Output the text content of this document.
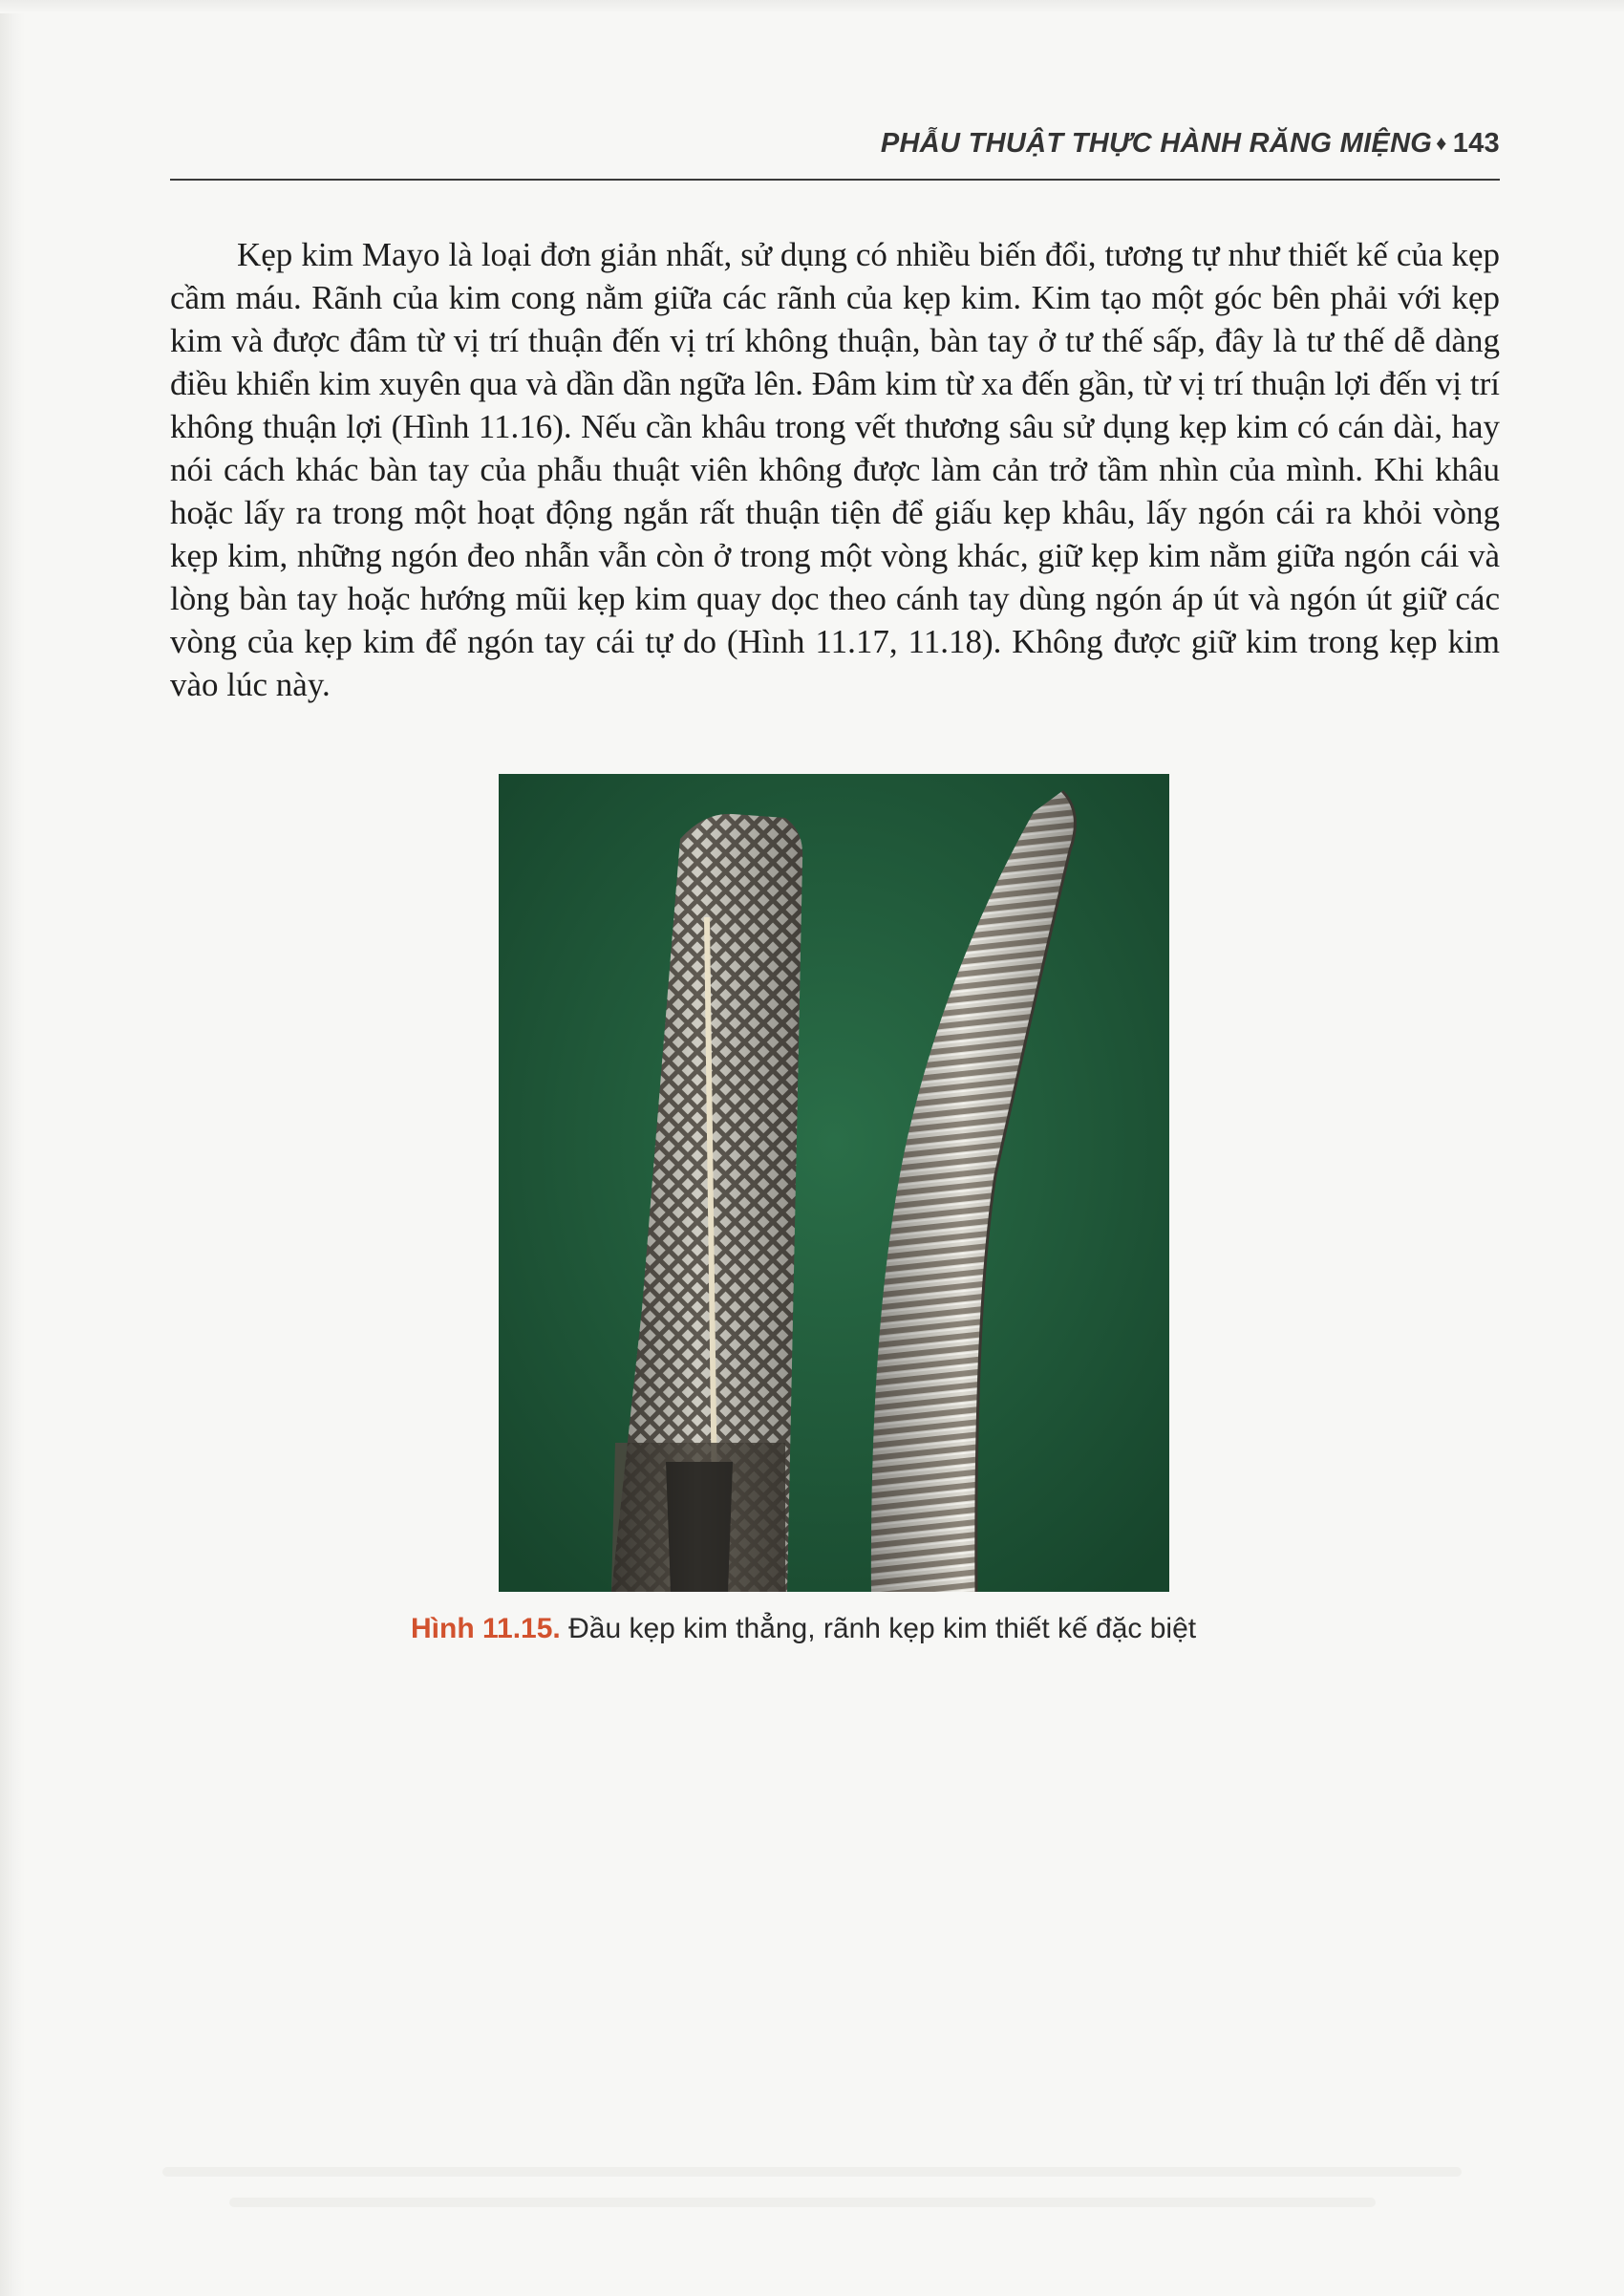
PHẪU THUẬT THỰC HÀNH RĂNG MIỆNG ♦ 143

Kẹp kim Mayo là loại đơn giản nhất, sử dụng có nhiều biến đổi, tương tự như thiết kế của kẹp cầm máu. Rãnh của kim cong nằm giữa các rãnh của kẹp kim. Kim tạo một góc bên phải với kẹp kim và được đâm từ vị trí thuận đến vị trí không thuận, bàn tay ở tư thế sấp, đây là tư thế dễ dàng điều khiển kim xuyên qua và dần dần ngữa lên. Đâm kim từ xa đến gần, từ vị trí thuận lợi đến vị trí không thuận lợi (Hình 11.16). Nếu cần khâu trong vết thương sâu sử dụng kẹp kim có cán dài, hay nói cách khác bàn tay của phẫu thuật viên không được làm cản trở tầm nhìn của mình. Khi khâu hoặc lấy ra trong một hoạt động ngắn rất thuận tiện để giấu kẹp khâu, lấy ngón cái ra khỏi vòng kẹp kim, những ngón đeo nhẫn vẫn còn ở trong một vòng khác, giữ kẹp kim nằm giữa ngón cái và lòng bàn tay hoặc hướng mũi kẹp kim quay dọc theo cánh tay dùng ngón áp út và ngón út giữ các vòng của kẹp kim để ngón tay cái tự do (Hình 11.17, 11.18). Không được giữ kim trong kẹp kim vào lúc này.

Hình 11.15. Đầu kẹp kim thẳng, rãnh kẹp kim thiết kế đặc biệt
